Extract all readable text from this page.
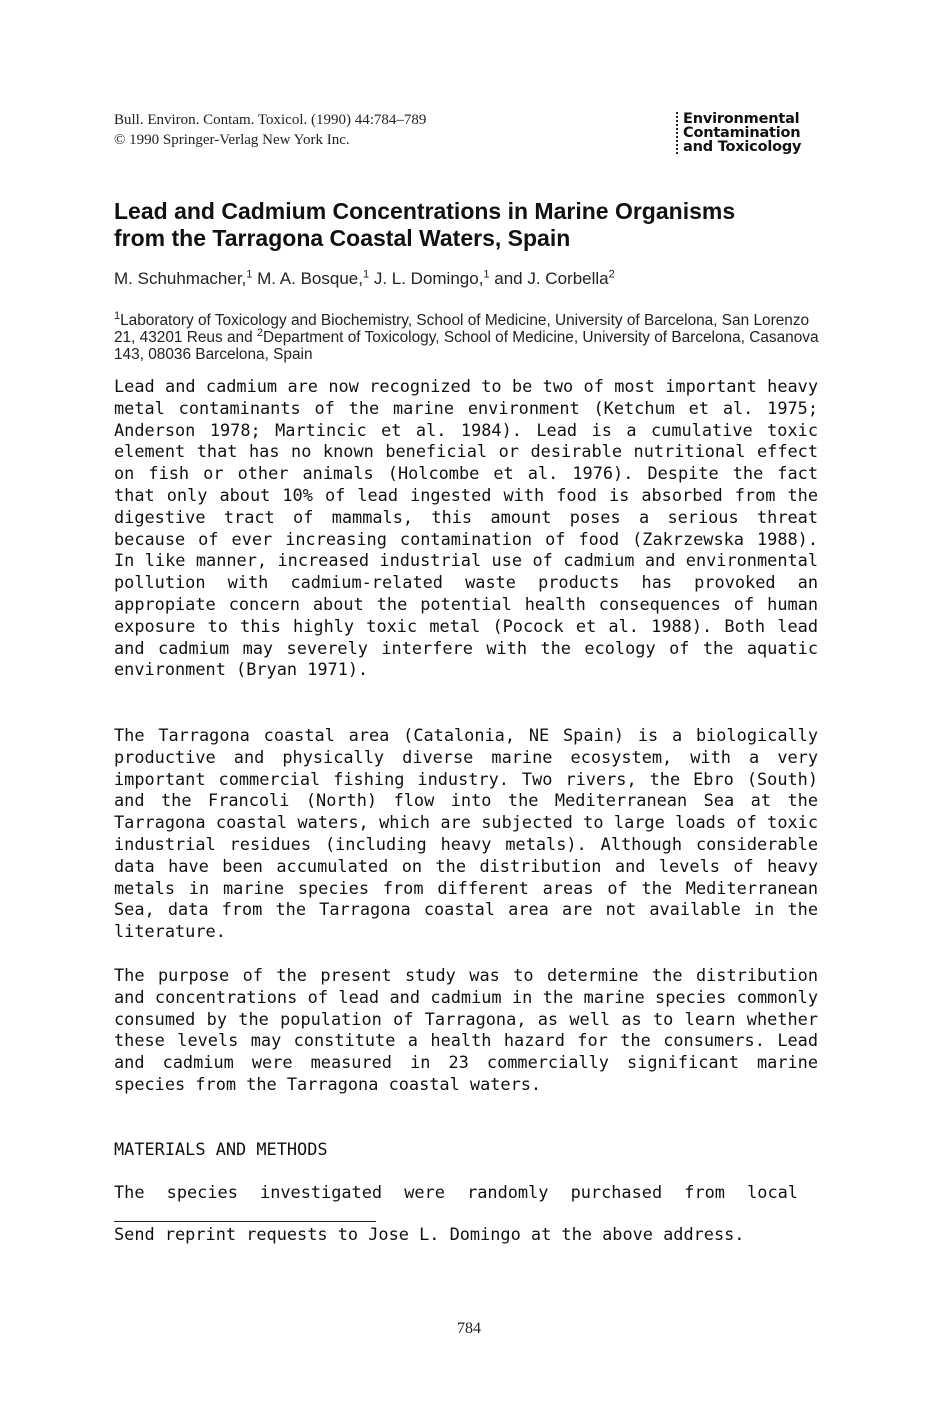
Bull. Environ. Contam. Toxicol. (1990) 44:784–789
© 1990 Springer-Verlag New York Inc.
Environmental
Contamination
and Toxicology
Lead and Cadmium Concentrations in Marine Organisms
from the Tarragona Coastal Waters, Spain
M. Schuhmacher,$^1$ M. A. Bosque,$^1$ J. L. Domingo,$^1$ and J. Corbella$^2$
$^1$Laboratory of Toxicology and Biochemistry, School of Medicine, University of Barcelona, San Lorenzo 21, 43201 Reus and $^2$Department of Toxicology, School of Medicine, University of Barcelona, Casanova 143, 08036 Barcelona, Spain
Lead and cadmium are now recognized to be two of most important heavy metal contaminants of the marine environment (Ketchum et al. 1975; Anderson 1978; Martincic et al. 1984). Lead is a cumulative toxic element that has no known beneficial or desirable nutritional effect on fish or other animals (Holcombe et al. 1976). Despite the fact that only about 10% of lead ingested with food is absorbed from the digestive tract of mammals, this amount poses a serious threat because of ever increasing contamination of food (Zakrzewska 1988). In like manner, increased industrial use of cadmium and environmental pollution with cadmium-related waste products has provoked an appropiate concern about the potential health consequences of human exposure to this highly toxic metal (Pocock et al. 1988). Both lead and cadmium may severely interfere with the ecology of the aquatic environment (Bryan 1971).
The Tarragona coastal area (Catalonia, NE Spain) is a biologically productive and physically diverse marine ecosystem, with a very important commercial fishing industry. Two rivers, the Ebro (South) and the Francoli (North) flow into the Mediterranean Sea at the Tarragona coastal waters, which are subjected to large loads of toxic industrial residues (including heavy metals). Although considerable data have been accumulated on the distribution and levels of heavy metals in marine species from different areas of the Mediterranean Sea, data from the Tarragona coastal area are not available in the literature.
The purpose of the present study was to determine the distribution and concentrations of lead and cadmium in the marine species commonly consumed by the population of Tarragona, as well as to learn whether these levels may constitute a health hazard for the consumers. Lead and cadmium were measured in 23 commercially significant marine species from the Tarragona coastal waters.
MATERIALS AND METHODS
The species investigated were randomly purchased from local
Send reprint requests to Jose L. Domingo at the above address.
784
